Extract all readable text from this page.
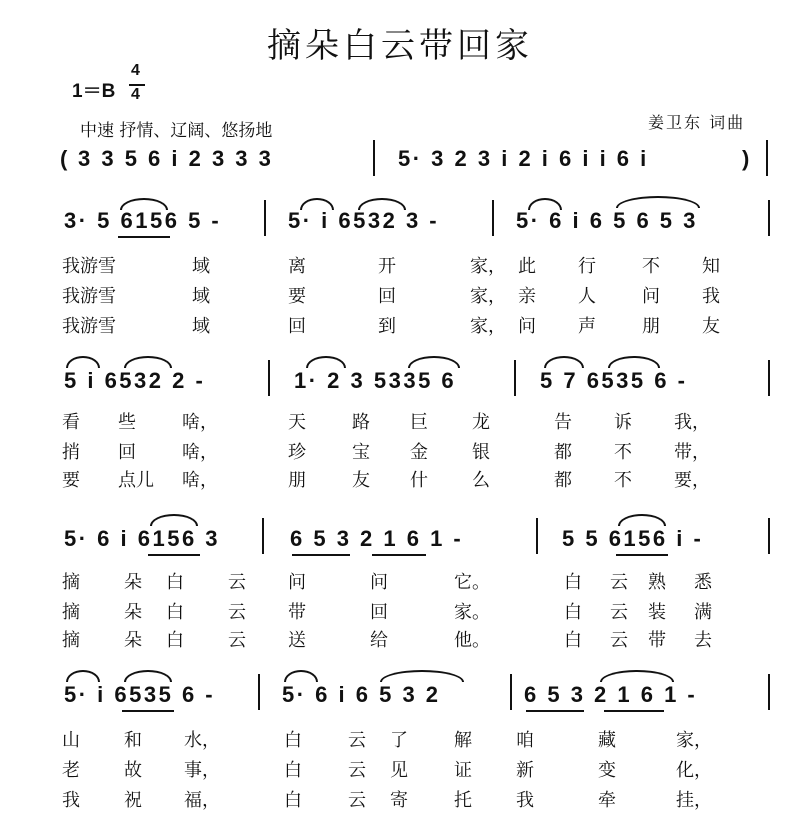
摘朵白云带回家
1＝B
4
4
中速 抒情、辽阔、悠扬地	姜卫东 词曲
( 3 3 5 6 i 2 3 3 3	5· 3 2 3 i 2 i 6 i i 6 i	)
3· 5 6156 5 -	5· i 6532 3 -	5· 6 i 6 5 6 5 3
我游雪	域	离	开	家， 此 行	不 知
我游雪	域	要	回	家， 亲 人	问 我
我游雪	域	回	到	家， 问 声	朋 友
5 i 6532 2 -	1· 2 3 5335 6	5 7 6535 6 -
看 些	啥，	天	路 巨 龙	告 诉 我，
捎 回	啥，	珍	宝 金 银	都 不 带，
要 点儿 啥，	朋	友 什 么	都 不 要，
5· 6 i 6156 3	6 5 3 2 1 6 1 -	5 5 6156 i -
摘 朵 白 云 问	问	它。	白 云 熟 悉
摘 朵 白 云 带	回	家。	白 云 装 满
摘 朵 白 云 送	给	他。	白 云 带 去
5· i 6535 6 -	5· 6 i 6 5 3 2	6 5 3 2 1 6 1 -
山 和 水，	白	云 了	解 咱	藏	家，
老 故 事，	白	云 见	证 新	变	化，
我 祝 福，	白	云 寄	托 我	牵	挂，
